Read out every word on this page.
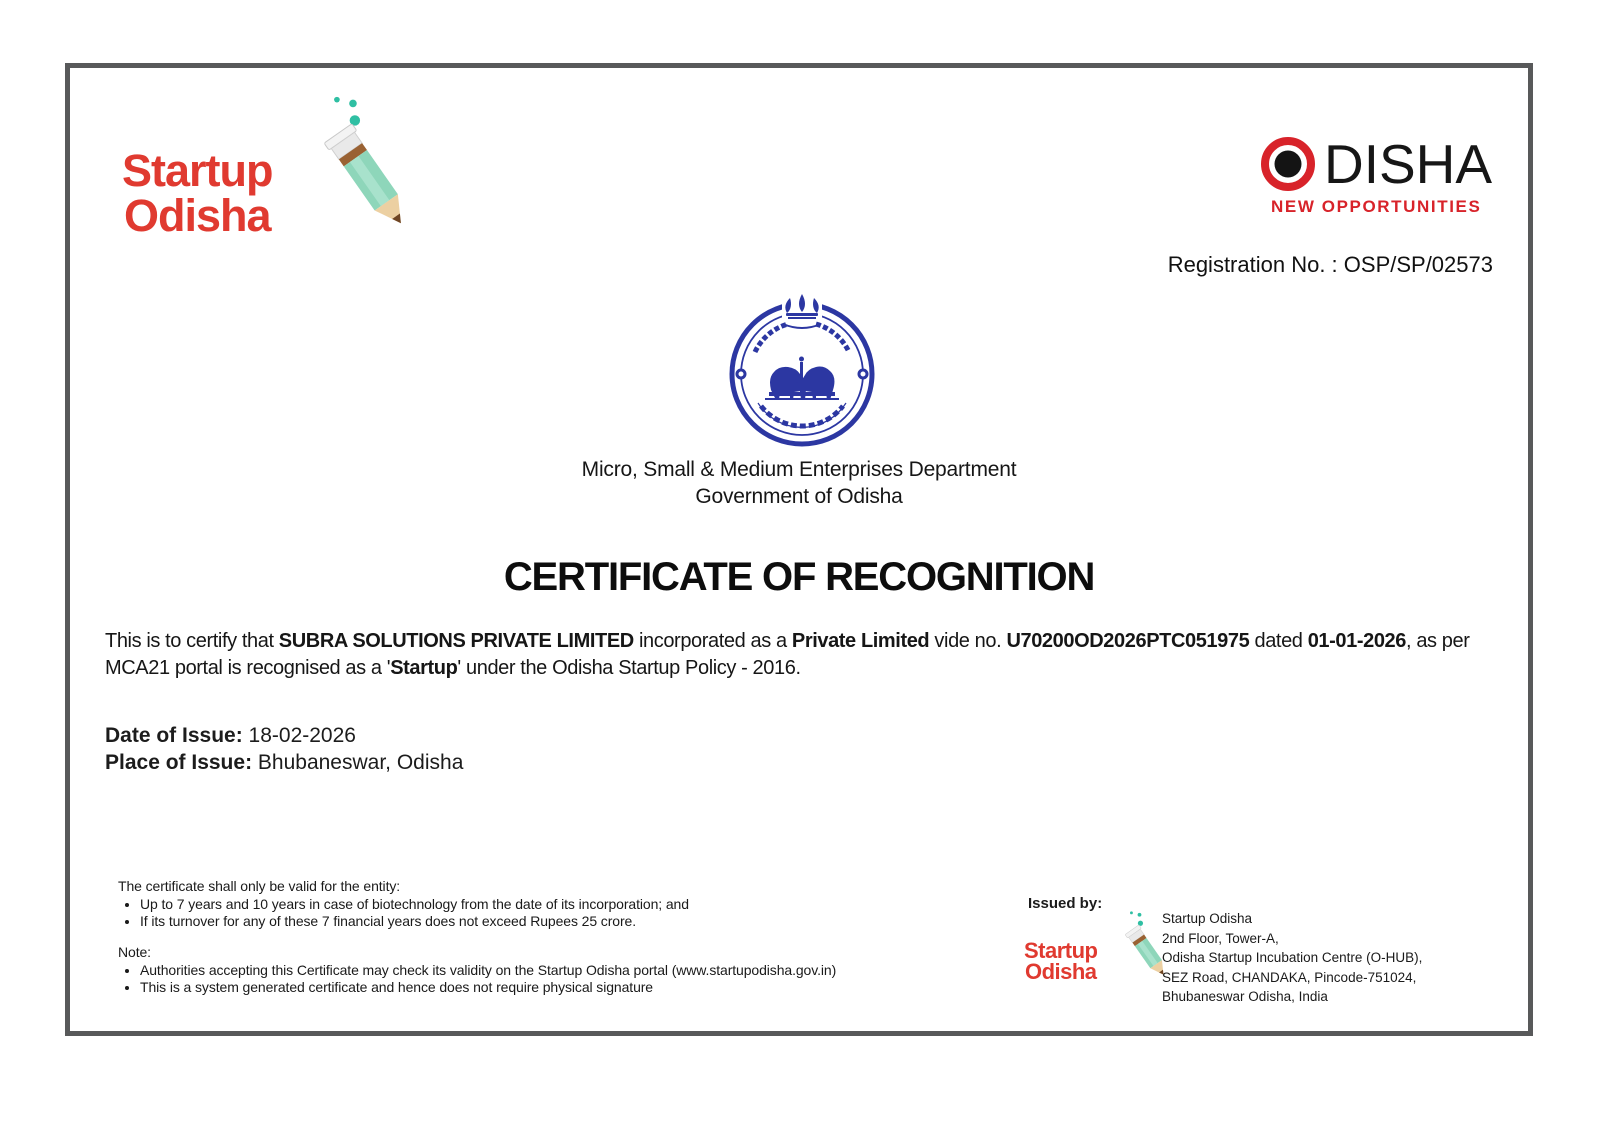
Startup
Odisha
DISHA
NEW OPPORTUNITIES
Registration No. : OSP/SP/02573
Micro, Small & Medium Enterprises Department
Government of Odisha
CERTIFICATE OF RECOGNITION

This is to certify that SUBRA SOLUTIONS PRIVATE LIMITED incorporated as a Private Limited vide no. U70200OD2026PTC051975 dated 01-01-2026, as per MCA21 portal is recognised as a 'Startup' under the Odisha Startup Policy - 2016.

Date of Issue: 18-02-2026
Place of Issue: Bhubaneswar, Odisha
The certificate shall only be valid for the entity:
• Up to 7 years and 10 years in case of biotechnology from the date of its incorporation; and
• If its turnover for any of these 7 financial years does not exceed Rupees 25 crore.
Note:
• Authorities accepting this Certificate may check its validity on the Startup Odisha portal (www.startupodisha.gov.in)
• This is a system generated certificate and hence does not require physical signature
Issued by:
Startup
Odisha
Startup Odisha
2nd Floor, Tower-A,
Odisha Startup Incubation Centre (O-HUB),
SEZ Road, CHANDAKA, Pincode-751024,
Bhubaneswar Odisha, India
